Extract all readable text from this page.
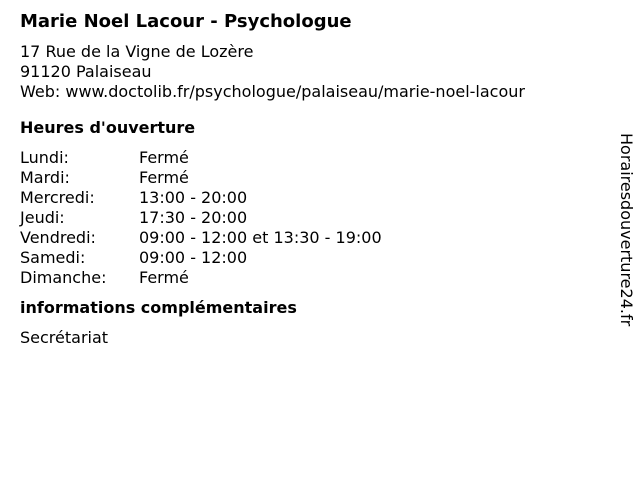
Marie Noel Lacour - Psychologue
17 Rue de la Vigne de Lozère
91120 Palaiseau
Web: www.doctolib.fr/psychologue/palaiseau/marie-noel-lacour
Heures d'ouverture
Lundi:	Fermé
Mardi:	Fermé
Mercredi:	13:00 - 20:00
Jeudi:	17:30 - 20:00
Vendredi:	09:00 - 12:00 et 13:30 - 19:00
Samedi:	09:00 - 12:00
Dimanche:	Fermé
informations complémentaires
Secrétariat
Horairesdouverture24.fr
